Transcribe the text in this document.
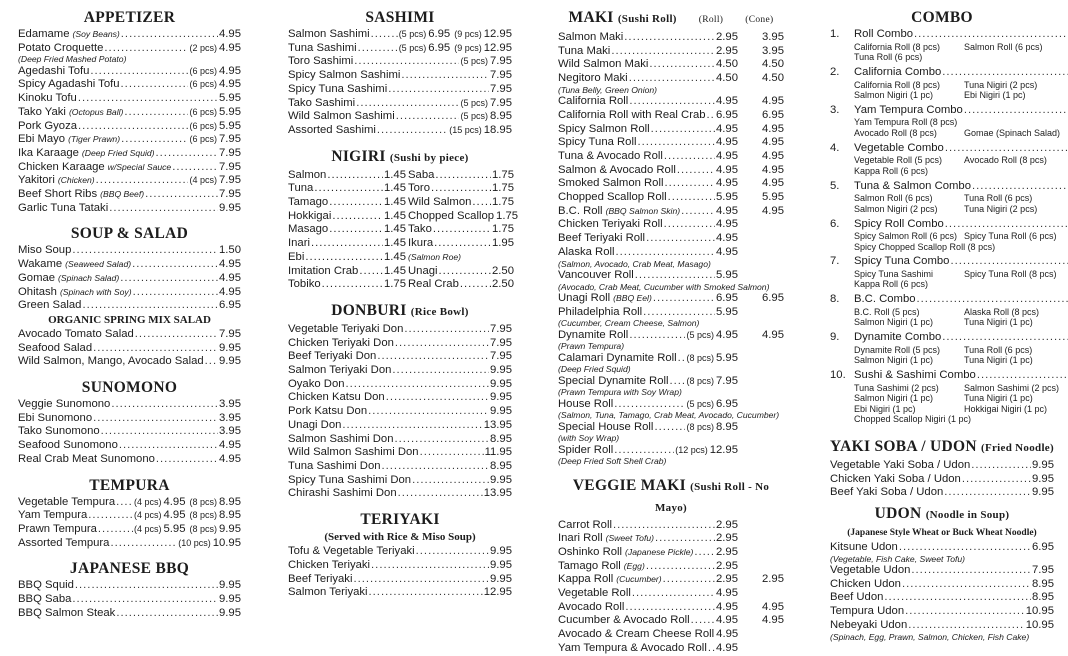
APPETIZER
Edamame (Soy Beans) .....	4.95
Potato Croquette .....	(2 pcs) 4.95
(Deep Fried Mashed Potato)
Agedashi Tofu .....	(6 pcs) 4.95
Spicy Agadashi Tofu .....	(6 pcs) 4.95
Kinoku Tofu .....	5.95
Tako Yaki (Octopus Ball) .....	(6 pcs) 5.95
Pork Gyoza .....	(6 pcs) 5.95
Ebi Mayo (Tiger Prawn) .....	(6 pcs) 7.95
Ika Karaage (Deep Fried Squid) .....	7.95
Chicken Karaage w/Special Sauce .....	7.95
Yakitori (Chicken) .....	(4 pcs) 7.95
Beef Short Ribs (BBQ Beef) .....	7.95
Garlic Tuna Tataki .....	9.95
SOUP & SALAD
Miso Soup .....	1.50
Wakame (Seaweed Salad) .....	4.95
Gomae (Spinach Salad) .....	4.95
Ohitash (Spinach with Soy) .....	4.95
Green Salad .....	6.95
ORGANIC SPRING MIX SALAD
Avocado Tomato Salad .....	7.95
Seafood Salad .....	9.95
Wild Salmon, Mango, Avocado Salad ..... 9.95
SUNOMONO
Veggie Sunomono .....	3.95
Ebi Sunomono .....	3.95
Tako Sunomono .....	3.95
Seafood Sunomono .....	4.95
Real Crab Meat Sunomono .....	4.95
TEMPURA
Vegetable Tempura ..... (4 pcs) 4.95 (8 pcs) 8.95
Yam Tempura .....	(4 pcs) 4.95 (8 pcs) 8.95
Prawn Tempura .....	(4 pcs) 5.95 (8 pcs) 9.95
Assorted Tempura .....	(10 pcs) 10.95
JAPANESE BBQ
BBQ Squid .....	9.95
BBQ Saba .....	9.95
BBQ Salmon Steak .....	9.95
SASHIMI
Salmon Sashimi .....	(5 pcs) 6.95 (9 pcs) 12.95
Tuna Sashimi .....	(5 pcs) 6.95 (9 pcs) 12.95
Toro Sashimi .....	(5 pcs) 7.95
Spicy Salmon Sashimi .....	7.95
Spicy Tuna Sashimi .....	7.95
Tako Sashimi .....	(5 pcs) 7.95
Wild Salmon Sashimi .....	(5 pcs) 8.95
Assorted Sashimi .....	(15 pcs) 18.95
NIGIRI (Sushi by piece)
Salmon .....	1.45 Saba .....	1.75
Tuna .....	1.45 Toro .....	1.75
Tamago .....	1.45 Wild Salmon ..... 1.75
Hokkigai .....	1.45 Chopped Scallop 1.75
Masago .....	1.45 Tako .....	1.75
Inari .....	1.45 Ikura .....	1.95
Ebi .....	1.45 (Salmon Roe)
Imitation Crab ..... 1.45 Unagi .....	2.50
Tobiko .....	1.75 Real Crab .....	2.50
DONBURI (Rice Bowl)
Vegetable Teriyaki Don .....	7.95
Chicken Teriyaki Don .....	7.95
Beef Teriyaki Don .....	7.95
Salmon Teriyaki Don .....	9.95
Oyako Don .....	9.95
Chicken Katsu Don .....	9.95
Pork Katsu Don .....	9.95
Unagi Don .....	13.95
Salmon Sashimi Don .....	8.95
Wild Salmon Sashimi Don .....	11.95
Tuna Sashimi Don .....	8.95
Spicy Tuna Sashimi Don .....	9.95
Chirashi Sashimi Don .....	13.95
TERIYAKI
(Served with Rice & Miso Soup)
Tofu & Vegetable Teriyaki .....	9.95
Chicken Teriyaki .....	9.95
Beef Teriyaki .....	9.95
Salmon Teriyaki .....	12.95
MAKI (Sushi Roll) (Roll) (Cone)
Salmon Maki .....	2.95	3.95
Tuna Maki .....	2.95	3.95
Wild Salmon Maki .....	4.50	4.50
Negitoro Maki .....	4.50	4.50
(Tuna Belly, Green Onion)
California Roll .....	4.95	4.95
California Roll with Real Crab ..... 6.95	6.95
Spicy Salmon Roll .....	4.95	4.95
Spicy Tuna Roll .....	4.95	4.95
Tuna & Avocado Roll .....	4.95	4.95
Salmon & Avocado Roll .....	4.95	4.95
Smoked Salmon Roll .....	4.95	4.95
Chopped Scallop Roll .....	5.95	5.95
B.C. Roll (BBQ Salmon Skin) .....	4.95	4.95
Chicken Teriyaki Roll .....	4.95
Beef Teriyaki Roll .....	4.95
Alaska Roll .....	4.95
(Salmon, Avocado, Crab Meat, Masago)
Vancouver Roll .....	5.95
(Avocado, Crab Meat, Cucumber with Smoked Salmon)
Unagi Roll (BBQ Eel) .....	6.95	6.95
Philadelphia Roll .....	5.95
(Cucumber, Cream Cheese, Salmon)
Dynamite Roll .....	(5 pcs) 4.95	4.95
(Prawn Tempura)
Calamari Dynamite Roll ..... (8 pcs) 5.95
(Deep Fried Squid)
Special Dynamite Roll ..... (8 pcs) 7.95
(Prawn Tempura with Soy Wrap)
House Roll .....	(5 pcs) 6.95
(Salmon, Tuna, Tamago, Crab Meat, Avocado, Cucumber)
Special House Roll .....	(8 pcs) 8.95
(with Soy Wrap)
Spider Roll .....	(12 pcs) 12.95
(Deep Fried Soft Shell Crab)
VEGGIE MAKI (Sushi Roll - No Mayo)
Carrot Roll .....	2.95
Inari Roll (Sweet Tofu) .....	2.95
Oshinko Roll (Japanese Pickle) ..... 2.95
Tamago Roll (Egg) .....	2.95
Kappa Roll (Cucumber) .....	2.95	2.95
Vegetable Roll .....	4.95
Avocado Roll .....	4.95	4.95
Cucumber & Avocado Roll ..... 4.95	4.95
Avocado & Cream Cheese Roll 4.95
Yam Tempura & Avocado Roll ..... 4.95
COMBO
1.	Roll Combo
.....
California Roll (8 pcs)	Salmon Roll (6 pcs)
Tuna Roll (6 pcs)
2.	California Combo
.....
California Roll (8 pcs)	Tuna Nigiri (2 pcs)
Salmon Nigiri (1 pc)	Ebi Nigiri (1 pc)
3.	Yam Tempura Combo
.....
Yam Tempura Roll (8 pcs)
Avocado Roll (8 pcs)	Gomae (Spinach Salad)
4.	Vegetable Combo
.....
Vegetable Roll (5 pcs)	Avocado Roll (8 pcs)
Kappa Roll (6 pcs)
5.	Tuna & Salmon Combo
.....
Salmon Roll (6 pcs)	Tuna Roll (6 pcs)
Salmon Nigiri (2 pcs)	Tuna Nigiri (2 pcs)
6.	Spicy Roll Combo
.....
Spicy Salmon Roll (6 pcs) Spicy Tuna Roll (6 pcs)
Spicy Chopped Scallop Roll (8 pcs)
7.	Spicy Tuna Combo
.....
Spicy Tuna Sashimi	Spicy Tuna Roll (8 pcs)
Kappa Roll (6 pcs)
8.	B.C. Combo
.....
B.C. Roll (5 pcs)	Alaska Roll (8 pcs)
Salmon Nigiri (1 pc)	Tuna Nigiri (1 pc)
9.	Dynamite Combo
.....
Dynamite Roll (5 pcs)	Tuna Roll (6 pcs)
Salmon Nigiri (1 pc)	Tuna Nigiri (1 pc)
10. Sushi & Sashimi Combo
.....
Tuna Sashimi (2 pcs)	Salmon Sashimi (2 pcs)
Salmon Nigiri (1 pc)	Tuna Nigiri (1 pc)
Ebi Nigiri (1 pc)	Hokkigai Nigiri (1 pc)
Chopped Scallop Nigiri (1 pc)
YAKI SOBA / UDON (Fried Noodle)
Vegetable Yaki Soba / Udon .....	9.95
Chicken Yaki Soba / Udon .....	9.95
Beef Yaki Soba / Udon .....	9.95
UDON (Noodle in Soup)
(Japanese Style Wheat or Buck Wheat Noodle)
Kitsune Udon .....	6.95
(Vegetable, Fish Cake, Sweet Tofu)
Vegetable Udon .....	7.95
Chicken Udon .....	8.95
Beef Udon .....	8.95
Tempura Udon .....	10.95
Nebeyaki Udon .....	10.95
(Spinach, Egg, Prawn, Salmon, Chicken, Fish Cake)
